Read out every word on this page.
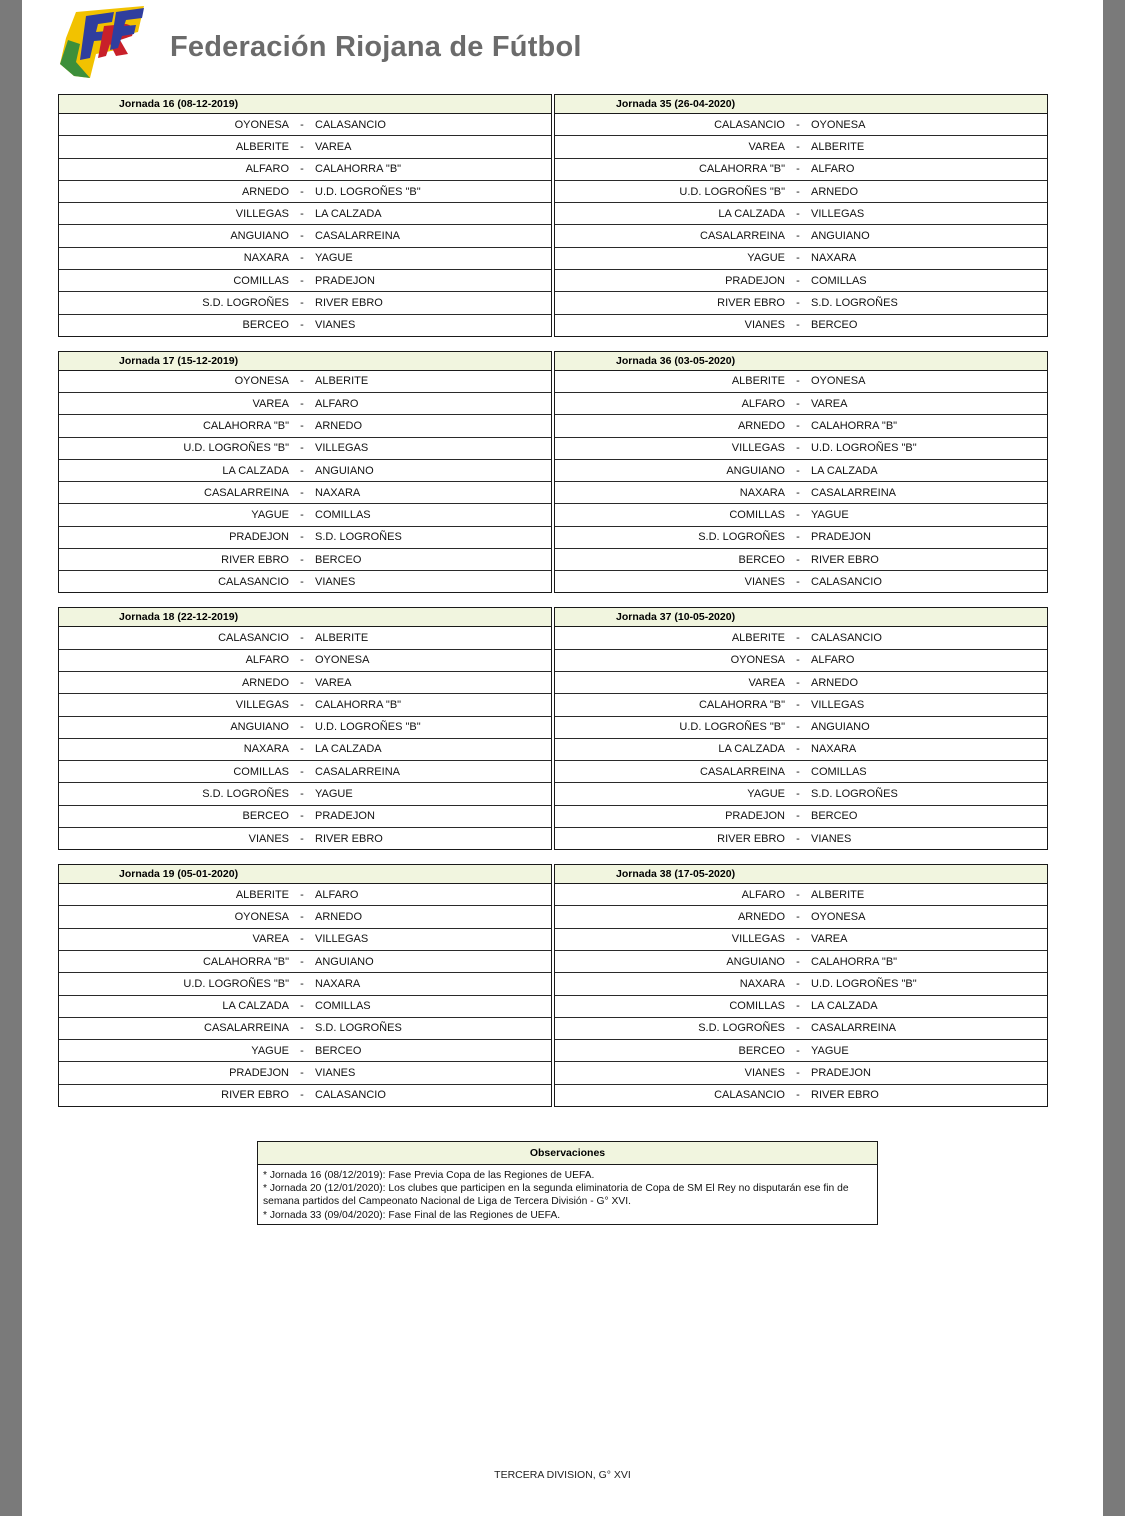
Federación Riojana de Fútbol
Jornada 16 (08-12-2019)
OYONESA	-	CALASANCIO
ALBERITE	-	VAREA
ALFARO	-	CALAHORRA "B"
ARNEDO	-	U.D. LOGROÑES "B"
VILLEGAS	-	LA CALZADA
ANGUIANO	-	CASALARREINA
NAXARA	-	YAGUE
COMILLAS	-	PRADEJON
S.D. LOGROÑES	-	RIVER EBRO
BERCEO	-	VIANES
Jornada 35 (26-04-2020)
CALASANCIO	-	OYONESA
VAREA	-	ALBERITE
CALAHORRA "B"	-	ALFARO
U.D. LOGROÑES "B"	-	ARNEDO
LA CALZADA	-	VILLEGAS
CASALARREINA	-	ANGUIANO
YAGUE	-	NAXARA
PRADEJON	-	COMILLAS
RIVER EBRO	-	S.D. LOGROÑES
VIANES	-	BERCEO
Jornada 17 (15-12-2019)
OYONESA	-	ALBERITE
VAREA	-	ALFARO
CALAHORRA "B"	-	ARNEDO
U.D. LOGROÑES "B"	-	VILLEGAS
LA CALZADA	-	ANGUIANO
CASALARREINA	-	NAXARA
YAGUE	-	COMILLAS
PRADEJON	-	S.D. LOGROÑES
RIVER EBRO	-	BERCEO
CALASANCIO	-	VIANES
Jornada 36 (03-05-2020)
ALBERITE	-	OYONESA
ALFARO	-	VAREA
ARNEDO	-	CALAHORRA "B"
VILLEGAS	-	U.D. LOGROÑES "B"
ANGUIANO	-	LA CALZADA
NAXARA	-	CASALARREINA
COMILLAS	-	YAGUE
S.D. LOGROÑES	-	PRADEJON
BERCEO	-	RIVER EBRO
VIANES	-	CALASANCIO
Jornada 18 (22-12-2019)
CALASANCIO	-	ALBERITE
ALFARO	-	OYONESA
ARNEDO	-	VAREA
VILLEGAS	-	CALAHORRA "B"
ANGUIANO	-	U.D. LOGROÑES "B"
NAXARA	-	LA CALZADA
COMILLAS	-	CASALARREINA
S.D. LOGROÑES	-	YAGUE
BERCEO	-	PRADEJON
VIANES	-	RIVER EBRO
Jornada 37 (10-05-2020)
ALBERITE	-	CALASANCIO
OYONESA	-	ALFARO
VAREA	-	ARNEDO
CALAHORRA "B"	-	VILLEGAS
U.D. LOGROÑES "B"	-	ANGUIANO
LA CALZADA	-	NAXARA
CASALARREINA	-	COMILLAS
YAGUE	-	S.D. LOGROÑES
PRADEJON	-	BERCEO
RIVER EBRO	-	VIANES
Jornada 19 (05-01-2020)
ALBERITE	-	ALFARO
OYONESA	-	ARNEDO
VAREA	-	VILLEGAS
CALAHORRA "B"	-	ANGUIANO
U.D. LOGROÑES "B"	-	NAXARA
LA CALZADA	-	COMILLAS
CASALARREINA	-	S.D. LOGROÑES
YAGUE	-	BERCEO
PRADEJON	-	VIANES
RIVER EBRO	-	CALASANCIO
Jornada 38 (17-05-2020)
ALFARO	-	ALBERITE
ARNEDO	-	OYONESA
VILLEGAS	-	VAREA
ANGUIANO	-	CALAHORRA "B"
NAXARA	-	U.D. LOGROÑES "B"
COMILLAS	-	LA CALZADA
S.D. LOGROÑES	-	CASALARREINA
BERCEO	-	YAGUE
VIANES	-	PRADEJON
CALASANCIO	-	RIVER EBRO
Observaciones
* Jornada 16 (08/12/2019): Fase Previa Copa de las Regiones de UEFA.
* Jornada 20 (12/01/2020): Los clubes que participen en la segunda eliminatoria de Copa de SM El Rey no disputarán ese fin de semana partidos del Campeonato Nacional de Liga de Tercera División - G° XVI.
* Jornada 33 (09/04/2020): Fase Final de las Regiones de UEFA.
TERCERA DIVISION, G° XVI
